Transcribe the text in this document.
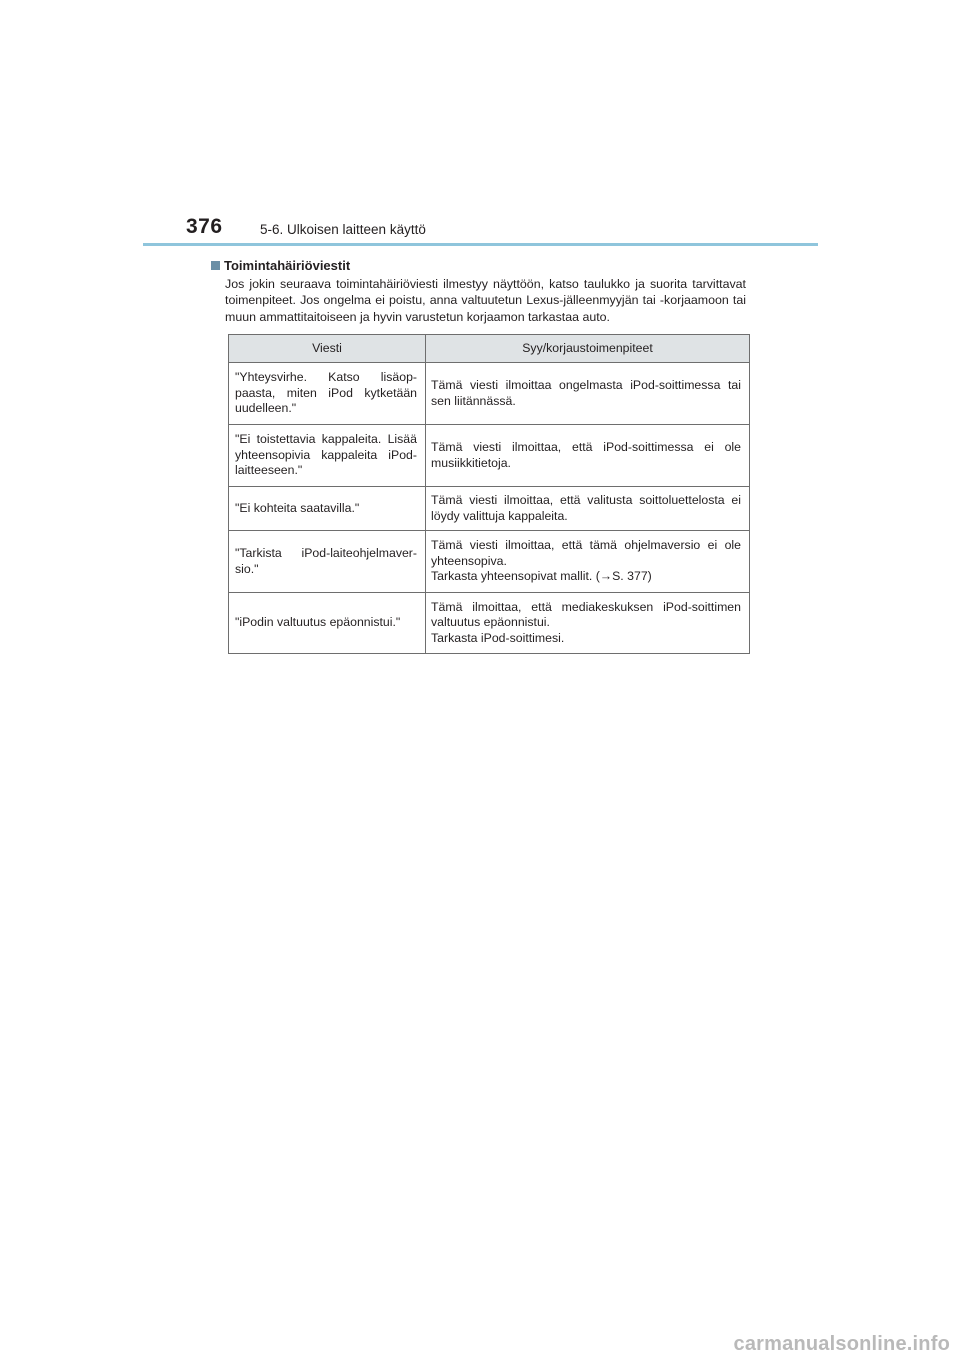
376	5-6. Ulkoisen laitteen käyttö
Toimintahäiriöviestit

Jos jokin seuraava toimintahäiriöviesti ilmestyy näyttöön, katso taulukko ja suorita tarvittavat toimenpiteet. Jos ongelma ei poistu, anna valtuutetun Lexus-jälleenmyyjän tai -korjaamoon tai muun ammattitaitoiseen ja hyvin varustetun korjaamon tarkastaa auto.

Viesti	Syy/korjaustoimenpiteet
"Yhteysvirhe. Katso lisäop-paasta, miten iPod kytketään uudelleen."	Tämä viesti ilmoittaa ongelmasta iPod-soittimessa tai sen liitännässä.

"Ei toistettavia kappaleita. Lisää yhteensopivia kappaleita iPod-laitteeseen."	Tämä viesti ilmoittaa, että iPod-soittimessa ei ole musiikkitietoja.

"Ei kohteita saatavilla."	Tämä viesti ilmoittaa, että valitusta soittoluettelosta ei löydy valittuja kappaleita.

"Tarkista iPod-laiteohjelmaver-sio."	Tämä viesti ilmoittaa, että tämä ohjelmaversio ei ole yhteensopiva.
Tarkasta yhteensopivat mallit. (→S. 377)

"iPodin valtuutus epäonnistui."	Tämä ilmoittaa, että mediakeskuksen iPod-soittimen valtuutus epäonnistui.
Tarkasta iPod-soittimesi.
carmanualsonline.info
